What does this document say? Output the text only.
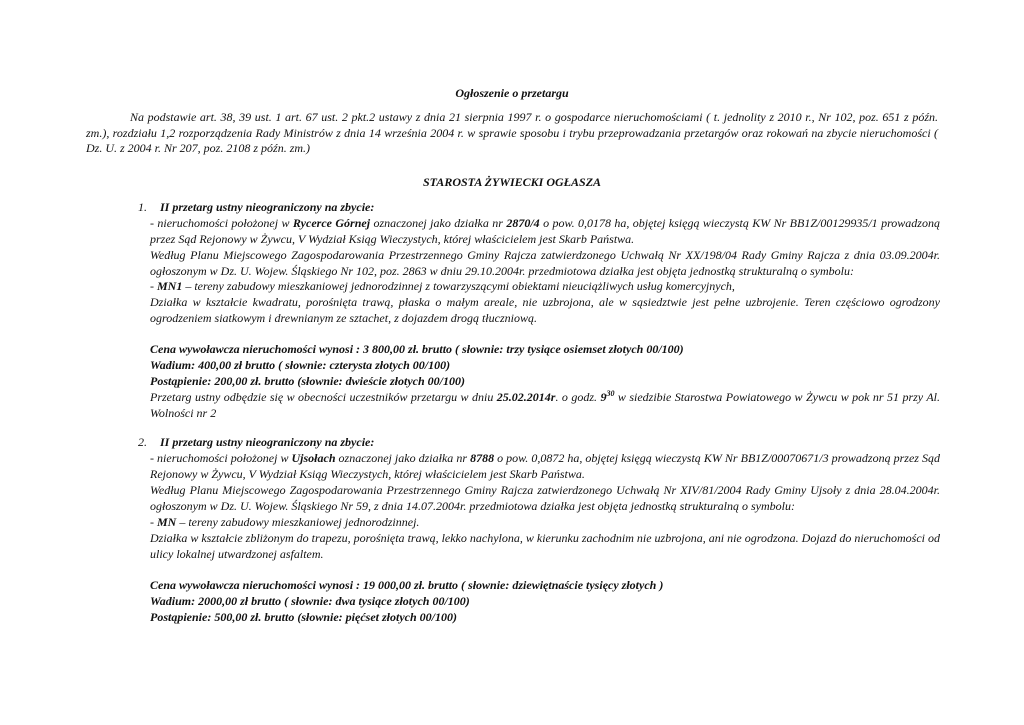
Ogłoszenie o przetargu
Na podstawie art. 38, 39 ust. 1 art. 67 ust. 2 pkt.2 ustawy z dnia 21 sierpnia 1997 r. o gospodarce nieruchomościami ( t. jednolity z 2010 r., Nr 102, poz. 651 z późn. zm.), rozdziału 1,2 rozporządzenia Rady Ministrów z dnia 14 września 2004 r. w sprawie sposobu i trybu przeprowadzania przetargów oraz rokowań na zbycie nieruchomości ( Dz. U. z 2004 r. Nr 207, poz. 2108 z późn. zm.)
STAROSTA ŻYWIECKI OGŁASZA
1. II przetarg ustny nieograniczony na zbycie:
- nieruchomości położonej w Rycerce Górnej oznaczonej jako działka nr 2870/4 o pow. 0,0178 ha, objętej księgą wieczystą KW Nr BB1Z/00129935/1 prowadzoną przez Sąd Rejonowy w Żywcu, V Wydział Ksiąg Wieczystych, której właścicielem jest Skarb Państwa.
Według Planu Miejscowego Zagospodarowania Przestrzennego Gminy Rajcza zatwierdzonego Uchwałą Nr XX/198/04 Rady Gminy Rajcza z dnia 03.09.2004r. ogłoszonym w Dz. U. Wojew. Śląskiego Nr 102, poz. 2863 w dniu 29.10.2004r. przedmiotowa działka jest objęta jednostką strukturalną o symbolu:
- MN1 – tereny zabudowy mieszkaniowej jednorodzinnej z towarzyszącymi obiektami nieuciążliwych usług komercyjnych,
Działka w kształcie kwadratu, porośnięta trawą, płaska o małym areale, nie uzbrojona, ale w sąsiedztwie jest pełne uzbrojenie. Teren częściowo ogrodzony ogrodzeniem siatkowym i drewnianym ze sztachet, z dojazdem drogą tłuczniową.
Cena wywoławcza nieruchomości wynosi : 3 800,00 zł. brutto ( słownie: trzy tysiące osiemset złotych 00/100)
Wadium: 400,00 zł brutto ( słownie: czterysta złotych 00/100)
Postąpienie: 200,00 zł. brutto (słownie: dwieście złotych 00/100)
Przetarg ustny odbędzie się w obecności uczestników przetargu w dniu 25.02.2014r. o godz. $9^{30}$ w siedzibie Starostwa Powiatowego w Żywcu w pok nr 51 przy Al. Wolności nr 2
2. II przetarg ustny nieograniczony na zbycie:
- nieruchomości położonej w Ujsołach oznaczonej jako działka nr 8788 o pow. 0,0872 ha, objętej księgą wieczystą KW Nr BB1Z/00070671/3 prowadzoną przez Sąd Rejonowy w Żywcu, V Wydział Ksiąg Wieczystych, której właścicielem jest Skarb Państwa.
Według Planu Miejscowego Zagospodarowania Przestrzennego Gminy Rajcza zatwierdzonego Uchwałą Nr XIV/81/2004 Rady Gminy Ujsoły z dnia 28.04.2004r. ogłoszonym w Dz. U. Wojew. Śląskiego Nr 59, z dnia 14.07.2004r. przedmiotowa działka jest objęta jednostką strukturalną o symbolu:
- MN – tereny zabudowy mieszkaniowej jednorodzinnej.
Działka w kształcie zbliżonym do trapezu, porośnięta trawą, lekko nachylona, w kierunku zachodnim nie uzbrojona, ani nie ogrodzona. Dojazd do nieruchomości od ulicy lokalnej utwardzonej asfaltem.
Cena wywoławcza nieruchomości wynosi : 19 000,00 zł. brutto ( słownie: dziewiętnaście tysięcy złotych )
Wadium: 2000,00 zł brutto ( słownie: dwa tysiące złotych 00/100)
Postąpienie: 500,00 zł. brutto (słownie: pięćset złotych 00/100)
